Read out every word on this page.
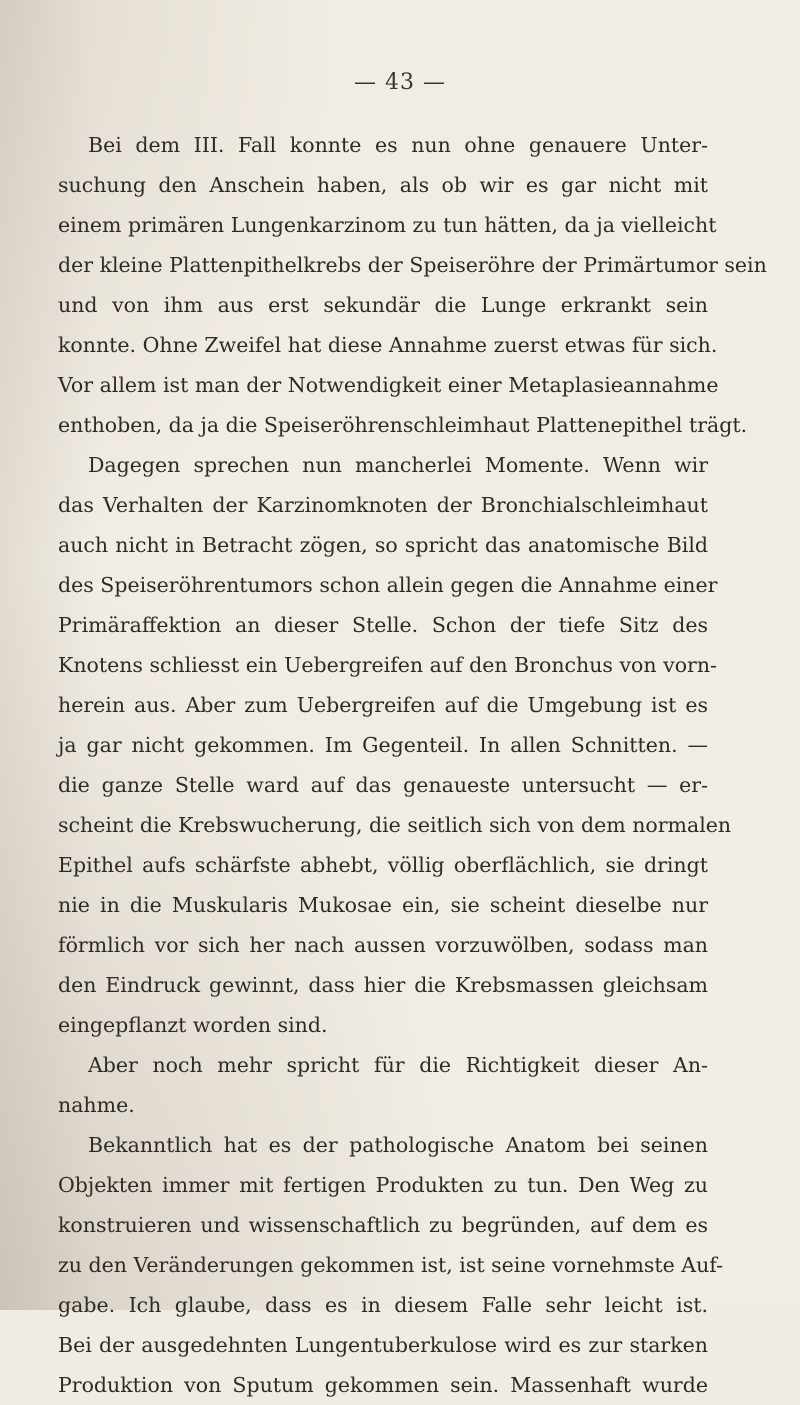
— 43 —
Bei dem III. Fall konnte es nun ohne genauere Unter-
suchung den Anschein haben, als ob wir es gar nicht mit
einem primären Lungenkarzinom zu tun hätten, da ja vielleicht
der kleine Plattenpithelkrebs der Speiseröhre der Primärtumor sein
und von ihm aus erst sekundär die Lunge erkrankt sein
konnte. Ohne Zweifel hat diese Annahme zuerst etwas für sich.
Vor allem ist man der Notwendigkeit einer Metaplasieannahme
enthoben, da ja die Speiseröhrenschleimhaut Plattenepithel trägt.
Dagegen sprechen nun mancherlei Momente. Wenn wir
das Verhalten der Karzinomknoten der Bronchialschleimhaut
auch nicht in Betracht zögen, so spricht das anatomische Bild
des Speiseröhrentumors schon allein gegen die Annahme einer
Primäraffektion an dieser Stelle. Schon der tiefe Sitz des
Knotens schliesst ein Uebergreifen auf den Bronchus von vorn-
herein aus. Aber zum Uebergreifen auf die Umgebung ist es
ja gar nicht gekommen. Im Gegenteil. In allen Schnitten. —
die ganze Stelle ward auf das genaueste untersucht — er-
scheint die Krebswucherung, die seitlich sich von dem normalen
Epithel aufs schärfste abhebt, völlig oberflächlich, sie dringt
nie in die Muskularis Mukosae ein, sie scheint dieselbe nur
förmlich vor sich her nach aussen vorzuwölben, sodass man
den Eindruck gewinnt, dass hier die Krebsmassen gleichsam
eingepflanzt worden sind.
Aber noch mehr spricht für die Richtigkeit dieser An-
nahme.
Bekanntlich hat es der pathologische Anatom bei seinen
Objekten immer mit fertigen Produkten zu tun. Den Weg zu
konstruieren und wissenschaftlich zu begründen, auf dem es
zu den Veränderungen gekommen ist, ist seine vornehmste Auf-
gabe. Ich glaube, dass es in diesem Falle sehr leicht ist.
Bei der ausgedehnten Lungentuberkulose wird es zur starken
Produktion von Sputum gekommen sein. Massenhaft wurde
